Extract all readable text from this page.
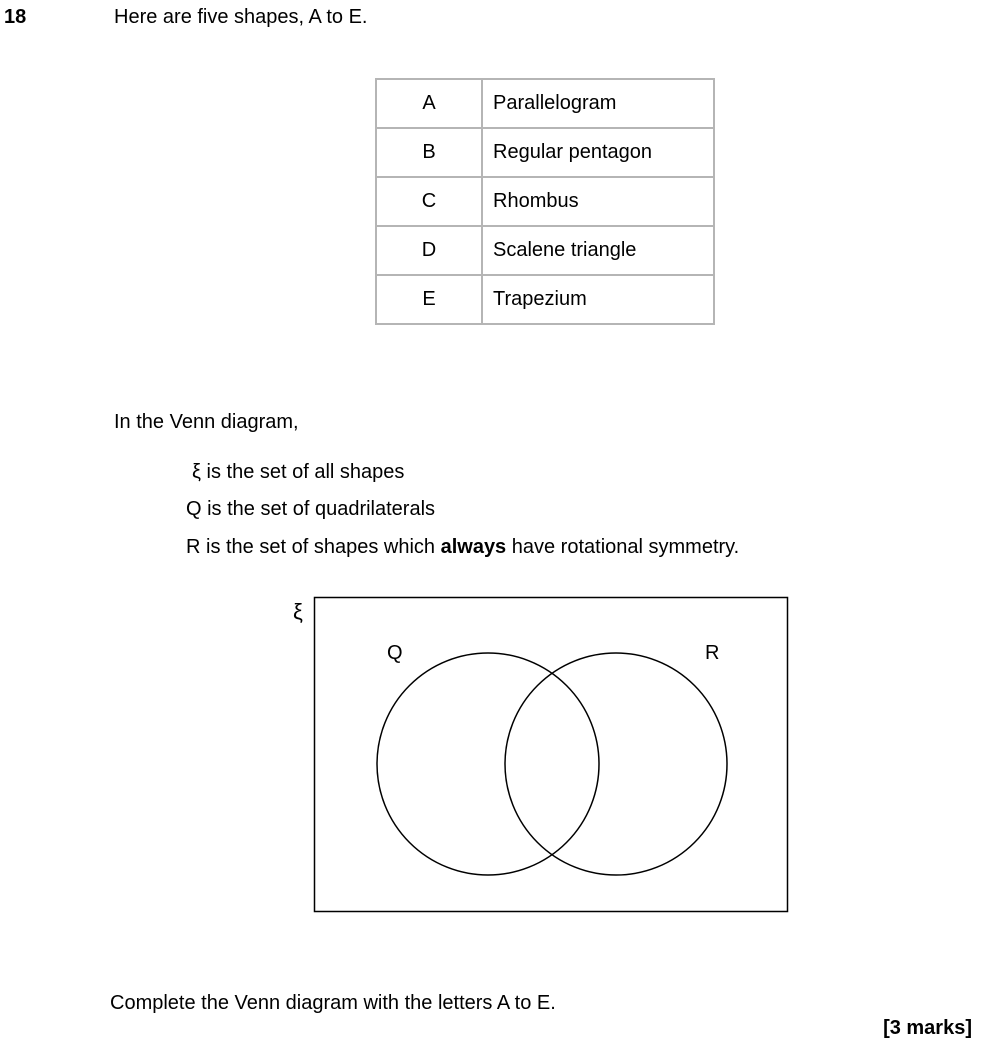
18	Here are five shapes, A to E.
A	Parallelogram
B	Regular pentagon
C	Rhombus
D	Scalene triangle
E	Trapezium
In the Venn diagram,
ξ is the set of all shapes
Q is the set of quadrilaterals
R is the set of shapes which always have rotational symmetry.
ξ
Q	R
Complete the Venn diagram with the letters A to E.
[3 marks]
